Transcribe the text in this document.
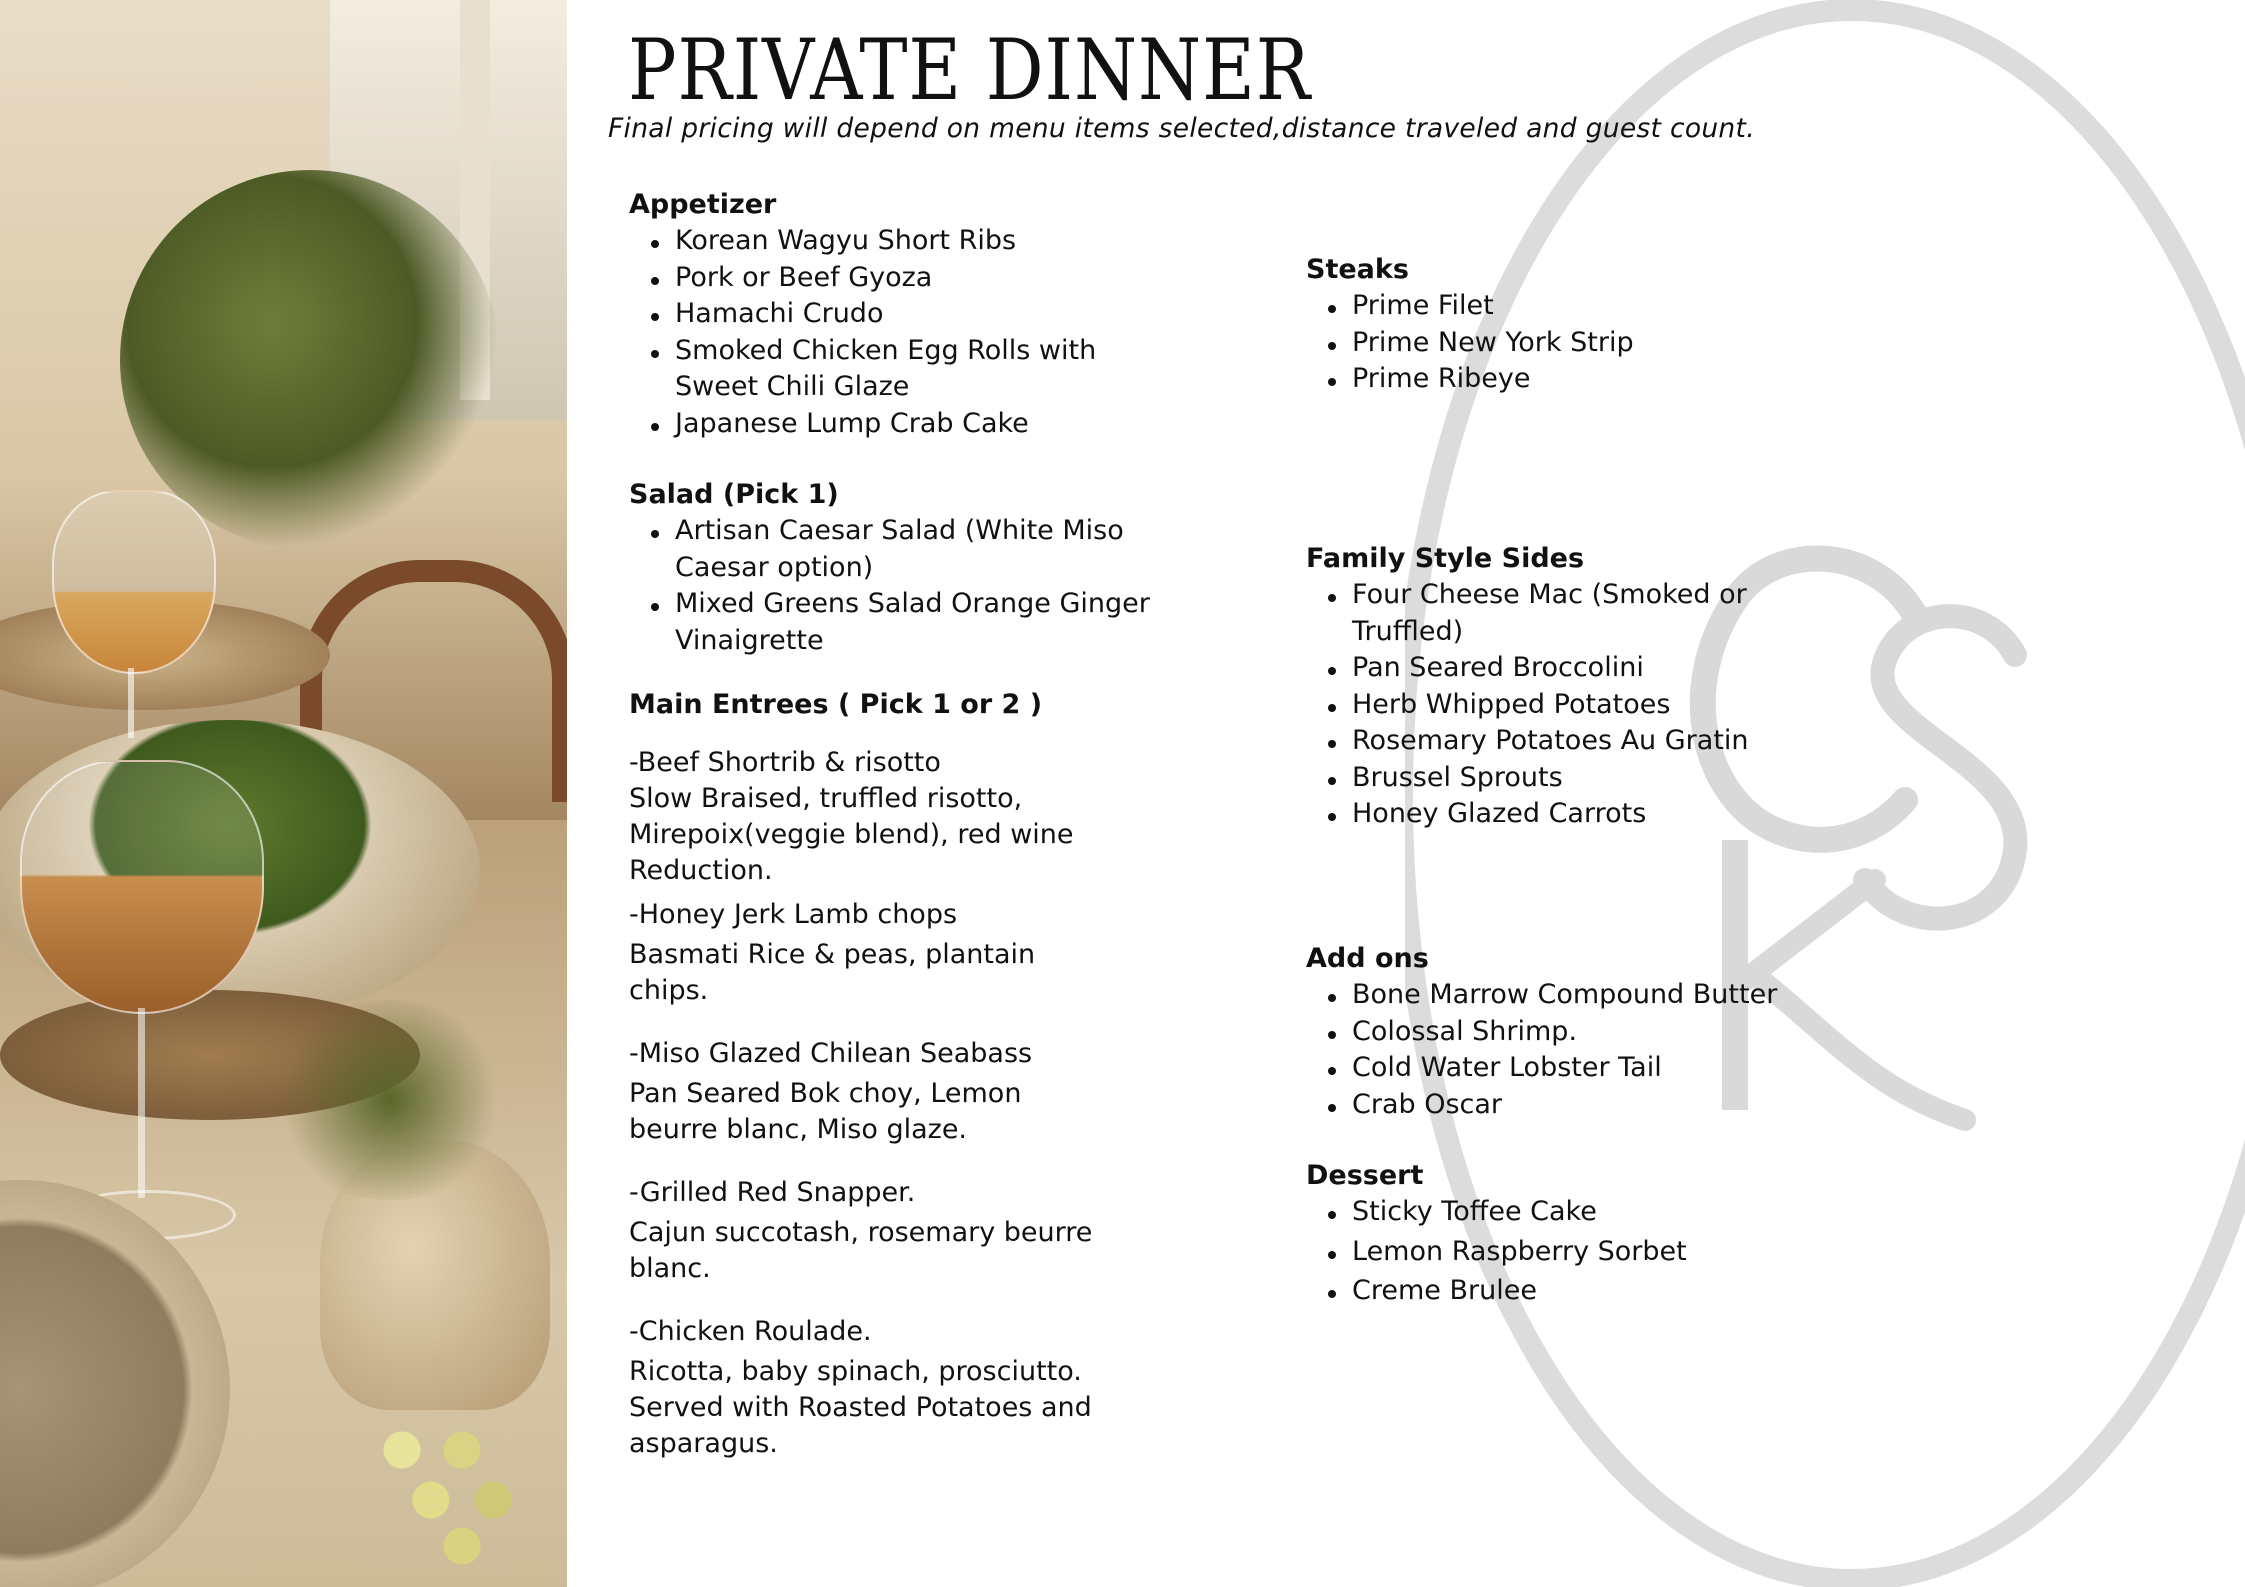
PRIVATE DINNER

Final pricing will depend on menu items selected,distance traveled and guest count.

Appetizer
Korean Wagyu Short Ribs
Pork or Beef Gyoza
Hamachi Crudo
Smoked Chicken Egg Rolls with Sweet Chili Glaze
Japanese Lump Crab Cake
Salad (Pick 1)
Artisan Caesar Salad (White Miso Caesar option)
Mixed Greens Salad Orange Ginger Vinaigrette
Main Entrees ( Pick 1 or 2 )
-Beef Shortrib & risotto
Slow Braised, truffled risotto, Mirepoix(veggie blend), red wine Reduction.
-Honey Jerk Lamb chops
Basmati Rice & peas, plantain chips.
-Miso Glazed Chilean Seabass
Pan Seared Bok choy, Lemon beurre blanc, Miso glaze.
-Grilled Red Snapper.
Cajun succotash, rosemary beurre blanc.
-Chicken Roulade.
Ricotta, baby spinach, prosciutto. Served with Roasted Potatoes and asparagus.
Steaks
Prime Filet
Prime New York Strip
Prime Ribeye
Family Style Sides
Four Cheese Mac (Smoked or Truffled)
Pan Seared Broccolini
Herb Whipped Potatoes
Rosemary Potatoes Au Gratin
Brussel Sprouts
Honey Glazed Carrots
Add ons
Bone Marrow Compound Butter
Colossal Shrimp.
Cold Water Lobster Tail
Crab Oscar
Dessert
Sticky Toffee Cake
Lemon Raspberry Sorbet
Creme Brulee
